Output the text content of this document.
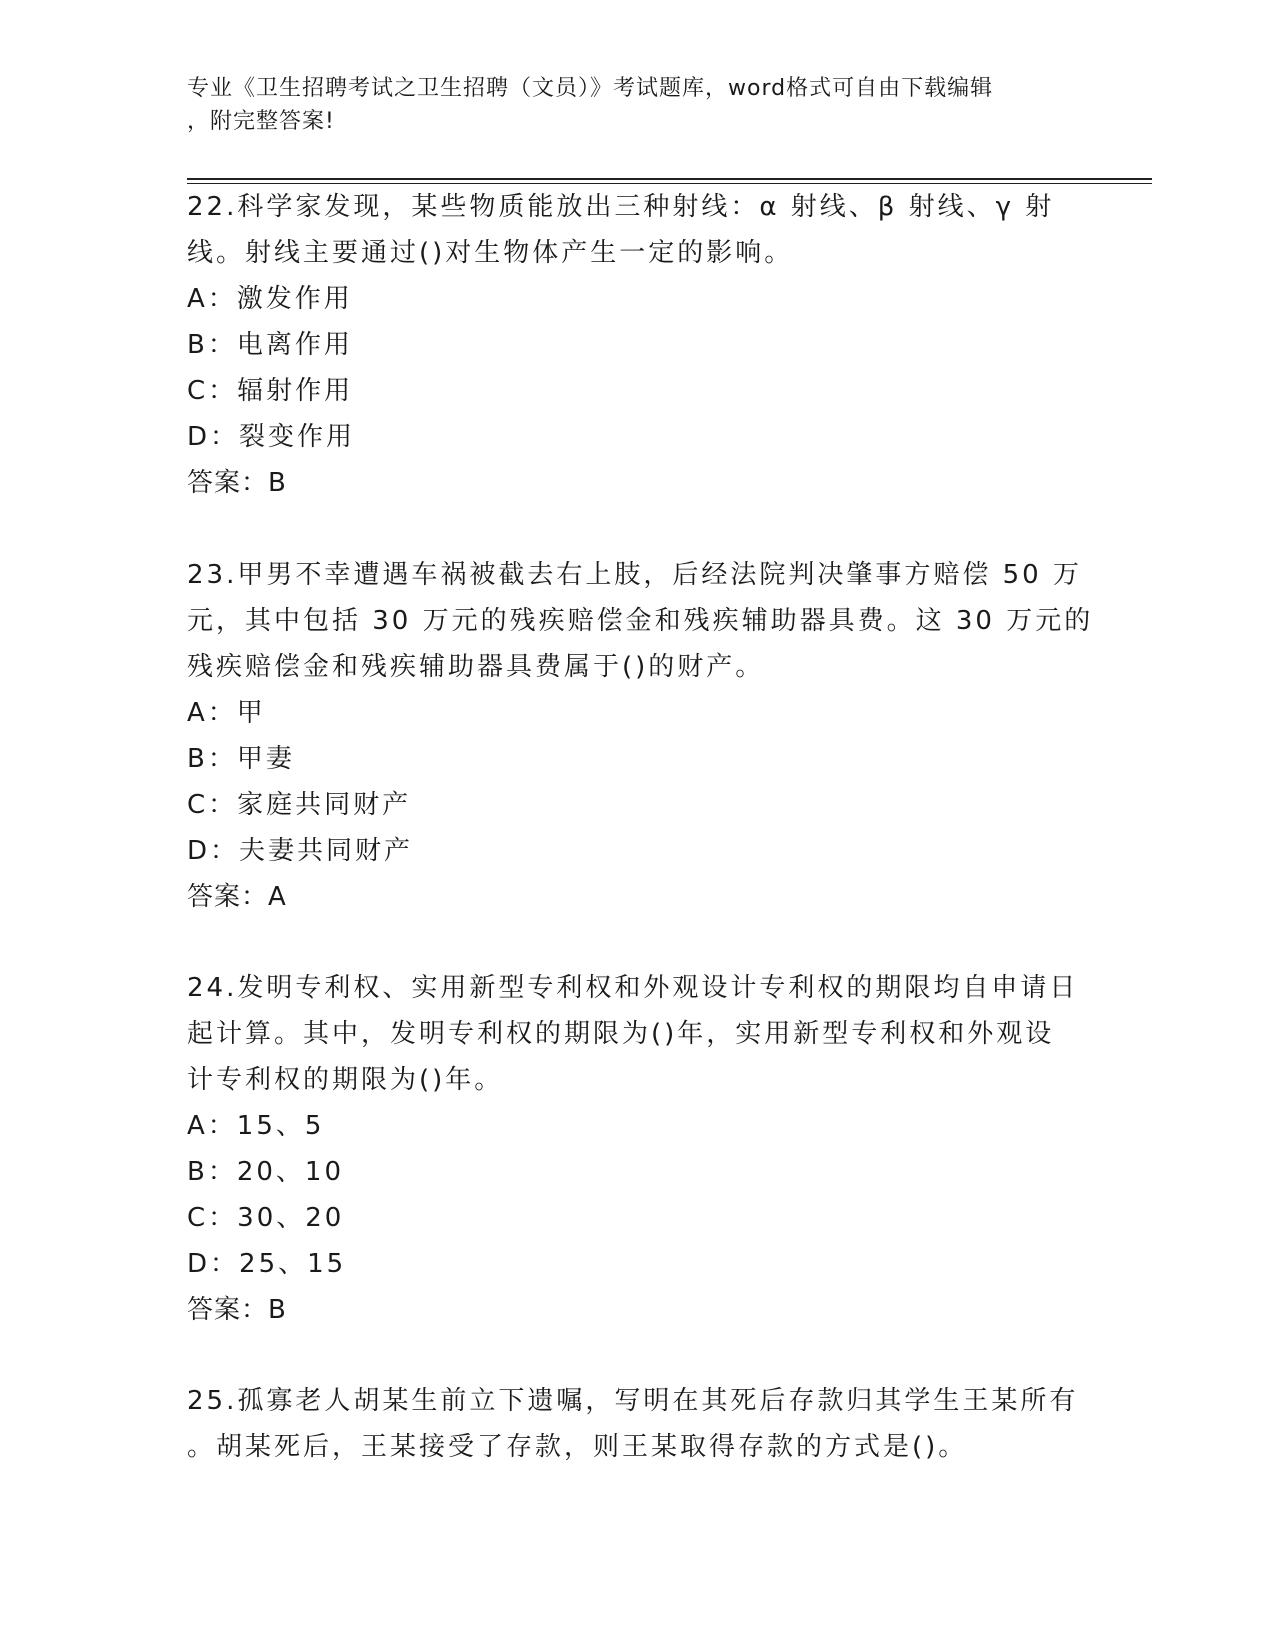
专业《卫生招聘考试之卫生招聘（文员）》考试题库，word格式可自由下载编辑
，附完整答案!
22.科学家发现，某些物质能放出三种射线：α 射线、β 射线、γ 射
线。射线主要通过()对生物体产生一定的影响。
A：激发作用
B：电离作用
C：辐射作用
D：裂变作用
答案：B
23.甲男不幸遭遇车祸被截去右上肢，后经法院判决肇事方赔偿 50 万
元，其中包括 30 万元的残疾赔偿金和残疾辅助器具费。这 30 万元的
残疾赔偿金和残疾辅助器具费属于()的财产。
A：甲
B：甲妻
C：家庭共同财产
D：夫妻共同财产
答案：A
24.发明专利权、实用新型专利权和外观设计专利权的期限均自申请日
起计算。其中，发明专利权的期限为()年，实用新型专利权和外观设
计专利权的期限为()年。
A：15、5
B：20、10
C：30、20
D：25、15
答案：B
25.孤寡老人胡某生前立下遗嘱，写明在其死后存款归其学生王某所有
。胡某死后，王某接受了存款，则王某取得存款的方式是()。
